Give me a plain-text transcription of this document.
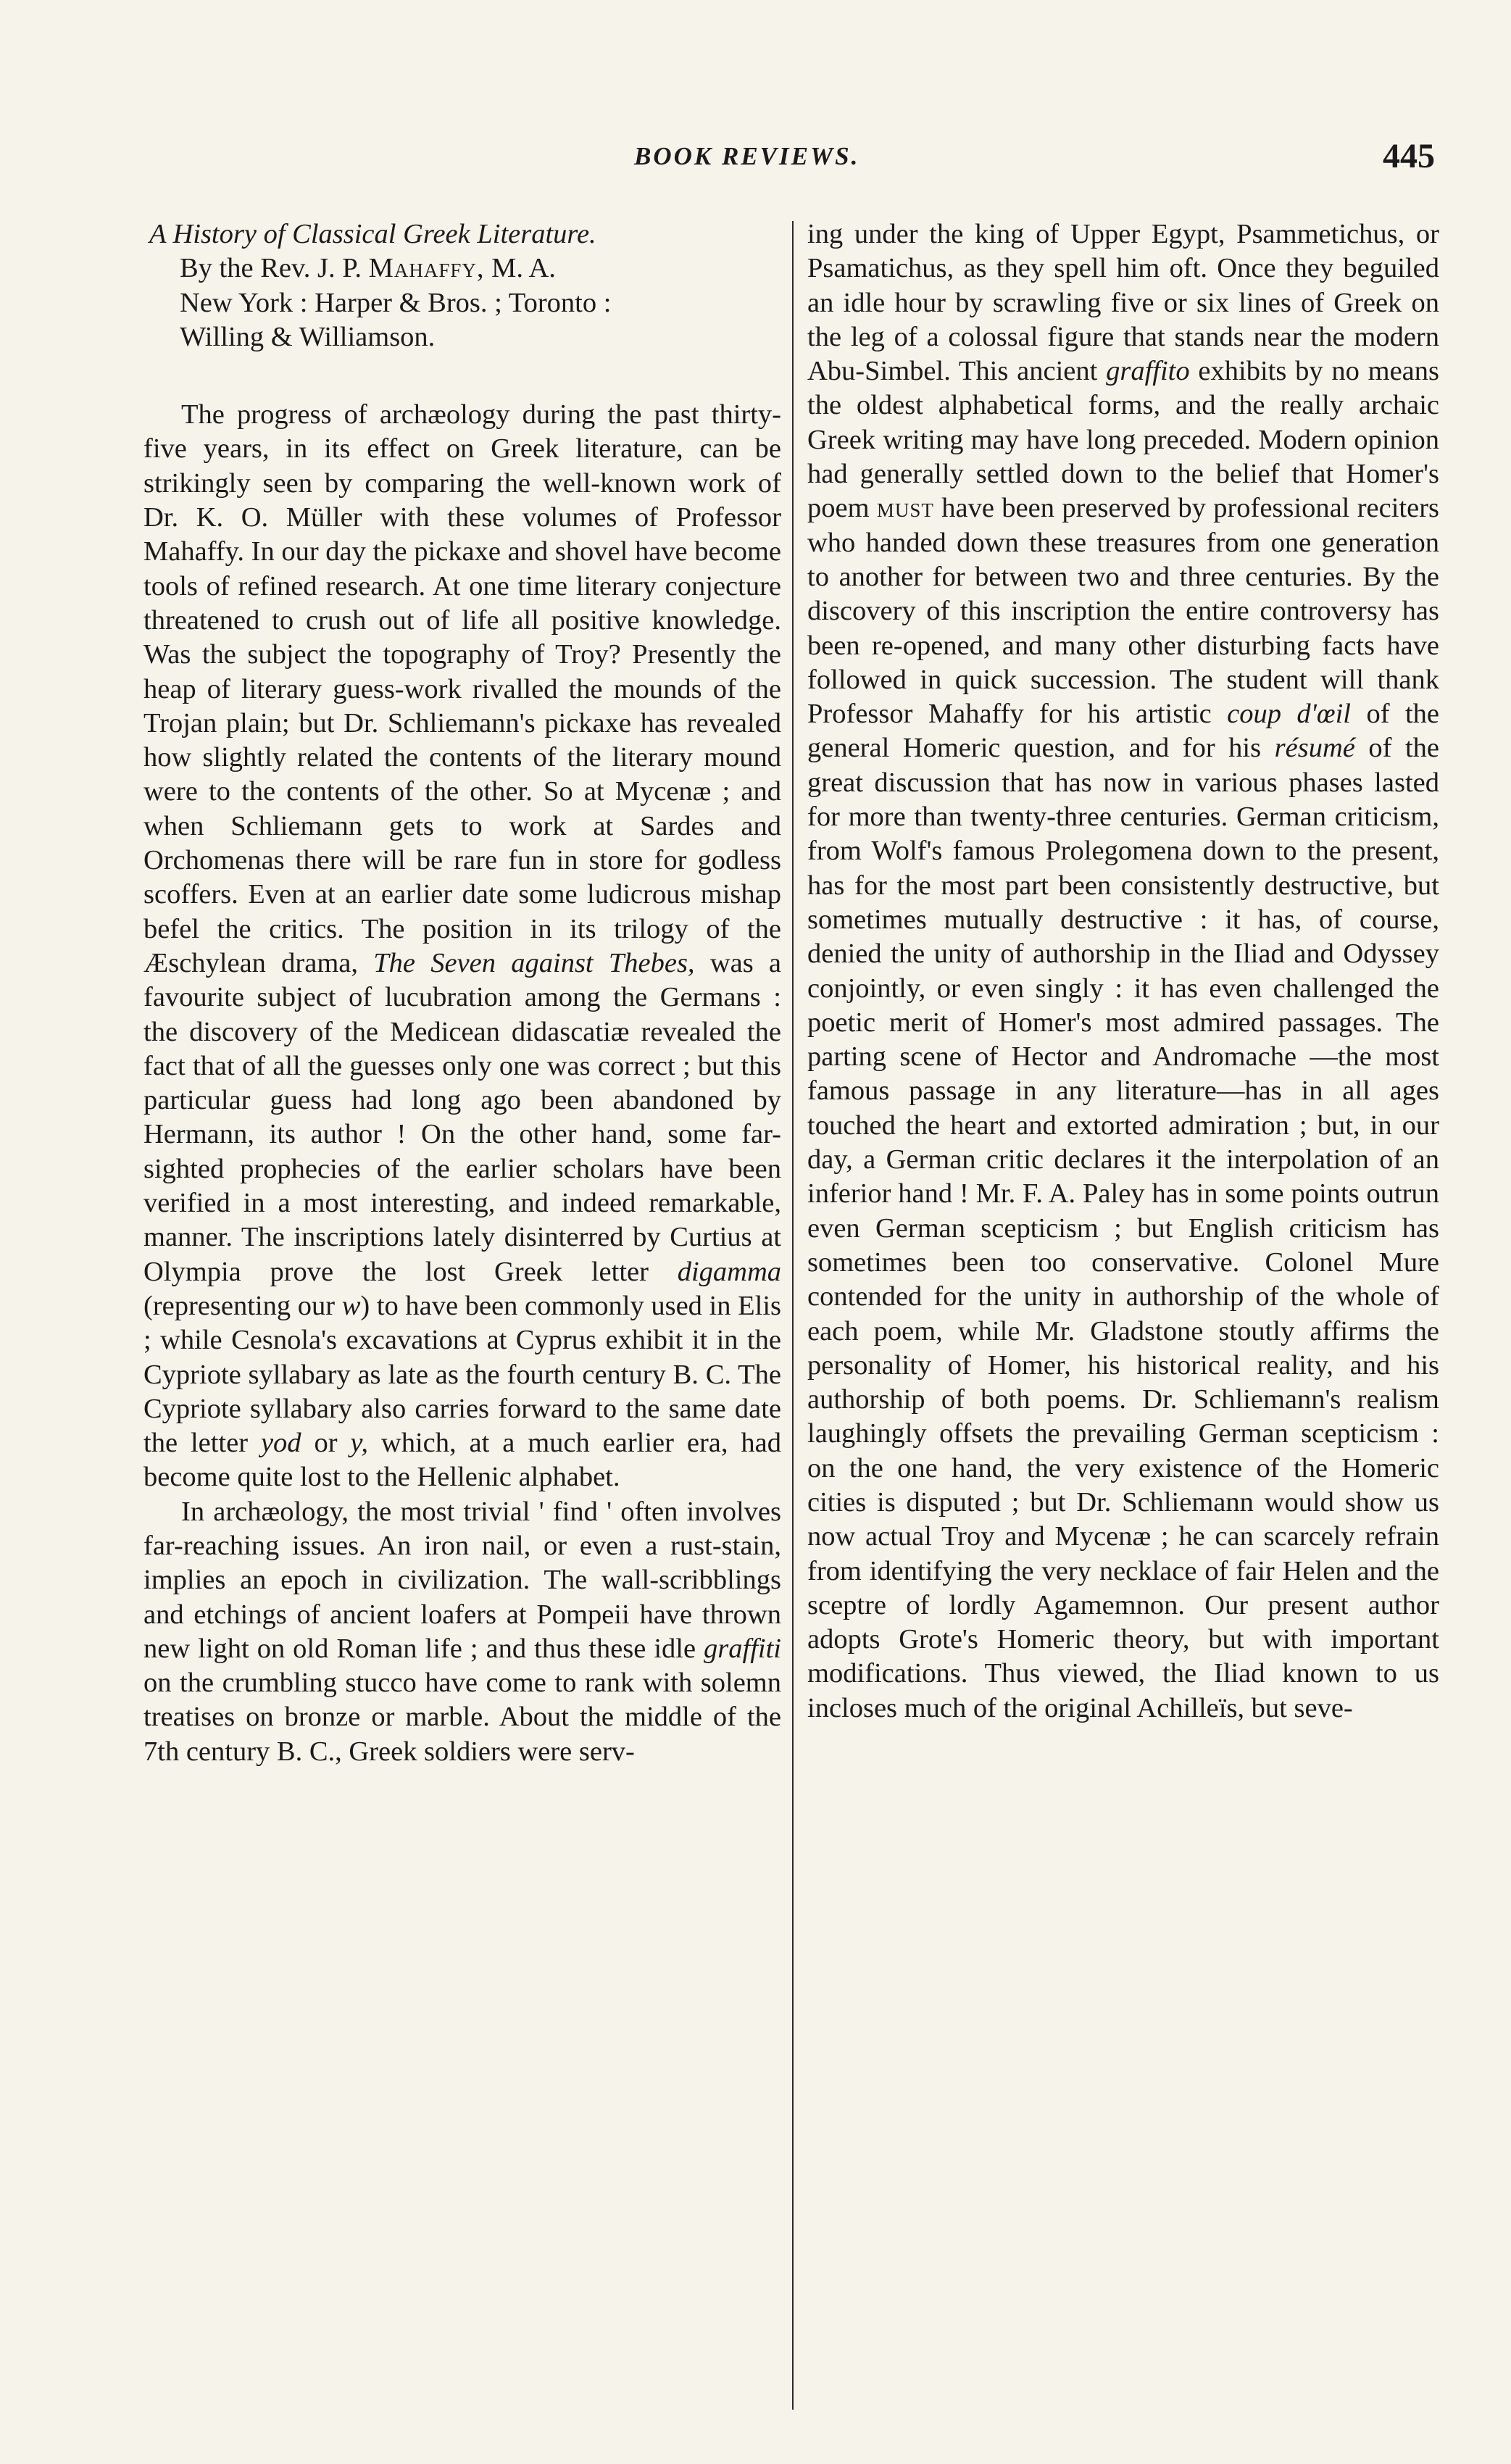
BOOK REVIEWS.	445
A History of Classical Greek Literature.
By the Rev. J. P. Mahaffy, M. A.
New York : Harper & Bros. ; Toronto :
Willing & Williamson.

The progress of archæology during the past thirty-five years, in its effect on Greek literature, can be strikingly seen by comparing the well-known work of Dr. K. O. Müller with these volumes of Professor Mahaffy. In our day the pickaxe and shovel have become tools of refined research. At one time literary conjecture threatened to crush out of life all positive knowledge. Was the subject the topography of Troy? Presently the heap of literary guess-work rivalled the mounds of the Trojan plain; but Dr. Schliemann's pickaxe has revealed how slightly related the contents of the literary mound were to the contents of the other. So at Mycenæ ; and when Schliemann gets to work at Sardes and Orchomenas there will be rare fun in store for godless scoffers. Even at an earlier date some ludicrous mishap befel the critics. The position in its trilogy of the Æschylean drama, The Seven against Thebes, was a favourite subject of lucubration among the Germans : the discovery of the Medicean didascatiæ revealed the fact that of all the guesses only one was correct ; but this particular guess had long ago been abandoned by Hermann, its author ! On the other hand, some far-sighted prophecies of the earlier scholars have been verified in a most interesting, and indeed remarkable, manner. The inscriptions lately disinterred by Curtius at Olympia prove the lost Greek letter digamma (representing our w) to have been commonly used in Elis ; while Cesnola's excavations at Cyprus exhibit it in the Cypriote syllabary as late as the fourth century B. C. The Cypriote syllabary also carries forward to the same date the letter yod or y, which, at a much earlier era, had become quite lost to the Hellenic alphabet.

In archæology, the most trivial ' find ' often involves far-reaching issues. An iron nail, or even a rust-stain, implies an epoch in civilization. The wall-scribblings and etchings of ancient loafers at Pompeii have thrown new light on old Roman life ; and thus these idle graffiti on the crumbling stucco have come to rank with solemn treatises on bronze or marble. About the middle of the 7th century B. C., Greek soldiers were serv-

ing under the king of Upper Egypt, Psammetichus, or Psamatichus, as they spell him oft. Once they beguiled an idle hour by scrawling five or six lines of Greek on the leg of a colossal figure that stands near the modern Abu-Simbel. This ancient graffito exhibits by no means the oldest alphabetical forms, and the really archaic Greek writing may have long preceded. Modern opinion had generally settled down to the belief that Homer's poem must have been preserved by professional reciters who handed down these treasures from one generation to another for between two and three centuries. By the discovery of this inscription the entire controversy has been re-opened, and many other disturbing facts have followed in quick succession. The student will thank Professor Mahaffy for his artistic coup d'œil of the general Homeric question, and for his résumé of the great discussion that has now in various phases lasted for more than twenty-three centuries. German criticism, from Wolf's famous Prolegomena down to the present, has for the most part been consistently destructive, but sometimes mutually destructive : it has, of course, denied the unity of authorship in the Iliad and Odyssey conjointly, or even singly : it has even challenged the poetic merit of Homer's most admired passages. The parting scene of Hector and Andromache —the most famous passage in any literature—has in all ages touched the heart and extorted admiration ; but, in our day, a German critic declares it the interpolation of an inferior hand ! Mr. F. A. Paley has in some points outrun even German scepticism ; but English criticism has sometimes been too conservative. Colonel Mure contended for the unity in authorship of the whole of each poem, while Mr. Gladstone stoutly affirms the personality of Homer, his historical reality, and his authorship of both poems. Dr. Schliemann's realism laughingly offsets the prevailing German scepticism : on the one hand, the very existence of the Homeric cities is disputed ; but Dr. Schliemann would show us now actual Troy and Mycenæ ; he can scarcely refrain from identifying the very necklace of fair Helen and the sceptre of lordly Agamemnon. Our present author adopts Grote's Homeric theory, but with important modifications. Thus viewed, the Iliad known to us incloses much of the original Achilleïs, but seve-
